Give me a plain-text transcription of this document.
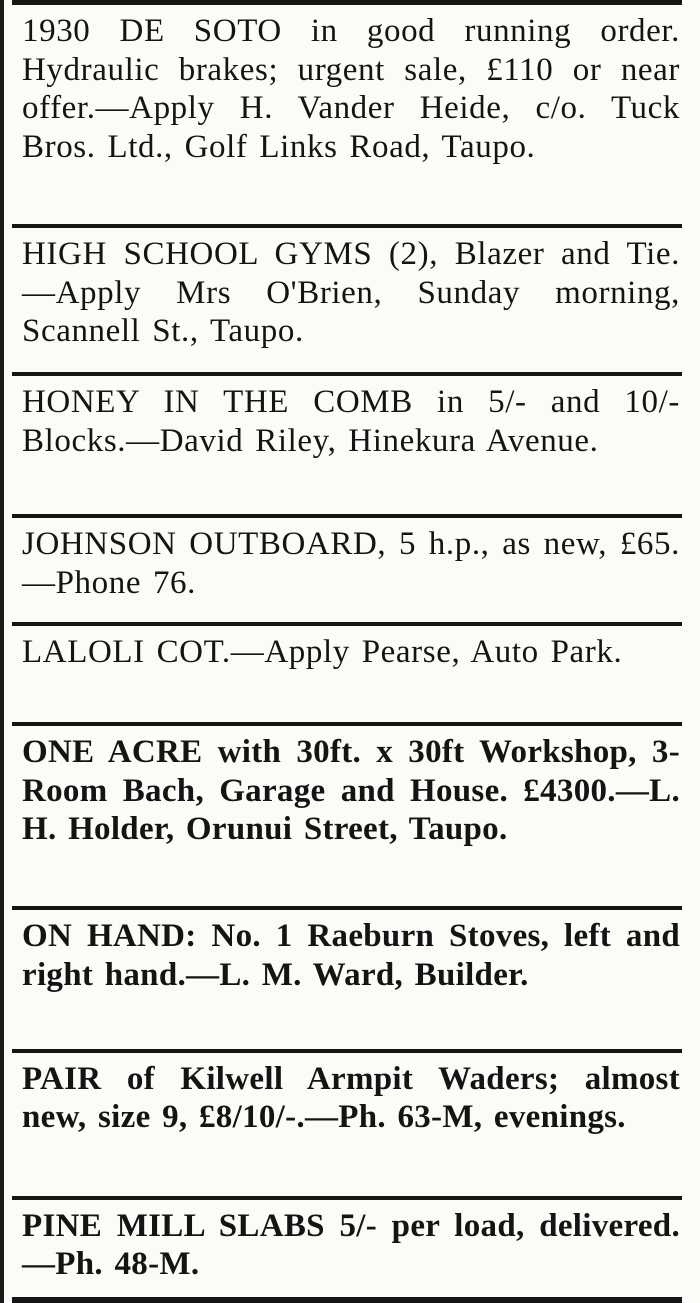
1930 DE SOTO in good running order. Hydraulic brakes; urgent sale, £110 or near offer.—Apply H. Vander Heide, c/o. Tuck Bros. Ltd., Golf Links Road, Taupo.

HIGH SCHOOL GYMS (2), Blazer and Tie.—Apply Mrs O'Brien, Sunday morning, Scannell St., Taupo.

HONEY IN THE COMB in 5/- and 10/- Blocks.—David Riley, Hinekura Avenue.

JOHNSON OUTBOARD, 5 h.p., as new, £65.—Phone 76.

LALOLI COT.—Apply Pearse, Auto Park.

ONE ACRE with 30ft. x 30ft Workshop, 3-Room Bach, Garage and House. £4300.—L. H. Holder, Orunui Street, Taupo.

ON HAND: No. 1 Raeburn Stoves, left and right hand.—L. M. Ward, Builder.

PAIR of Kilwell Armpit Waders; almost new, size 9, £8/10/-.—Ph. 63-M, evenings.

PINE MILL SLABS 5/- per load, delivered.—Ph. 48-M.
